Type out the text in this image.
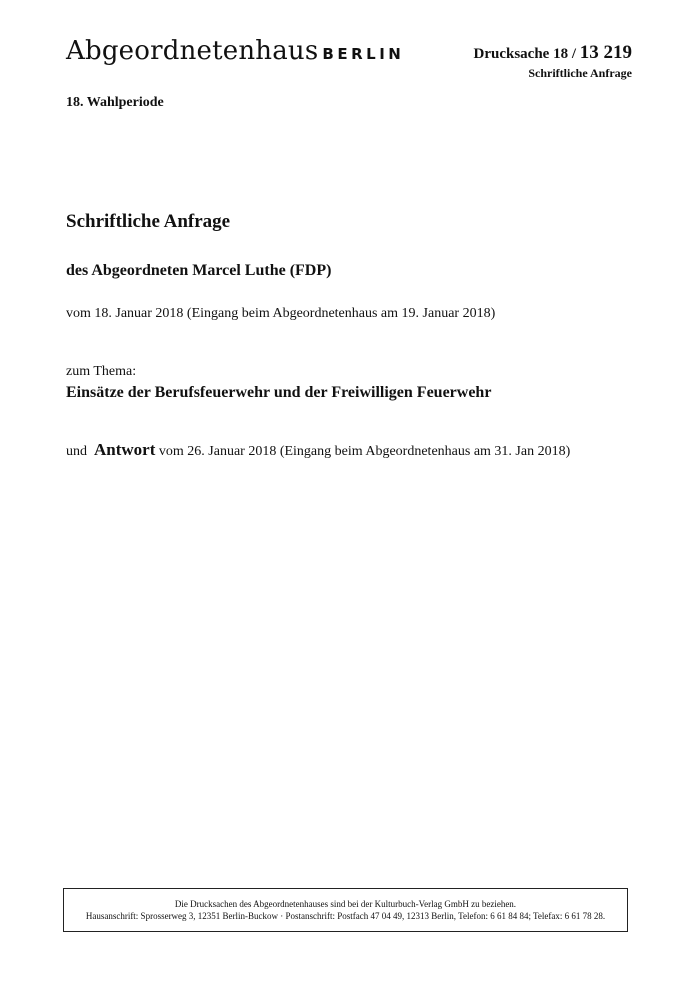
Abgeordnetenhaus BERLIN	Drucksache 18 / 13 219
Schriftliche Anfrage
18. Wahlperiode
Schriftliche Anfrage
des Abgeordneten Marcel Luthe (FDP)
vom 18. Januar 2018 (Eingang beim Abgeordnetenhaus am 19. Januar 2018)
zum Thema:
Einsätze der Berufsfeuerwehr und der Freiwilligen Feuerwehr
und Antwort vom 26. Januar 2018 (Eingang beim Abgeordnetenhaus am 31. Jan 2018)
Die Drucksachen des Abgeordnetenhauses sind bei der Kulturbuch-Verlag GmbH zu beziehen.
Hausanschrift: Sprosserweg 3, 12351 Berlin-Buckow · Postanschrift: Postfach 47 04 49, 12313 Berlin, Telefon: 6 61 84 84; Telefax: 6 61 78 28.
